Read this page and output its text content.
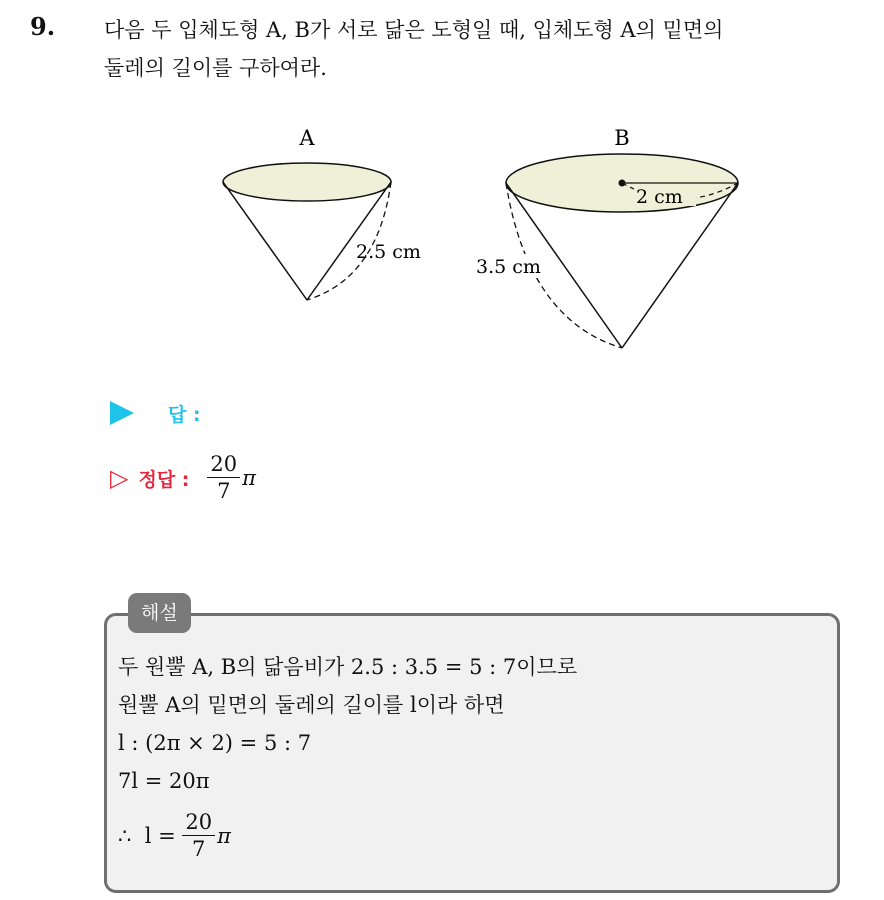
9. 다음 두 입체도형 A, B가 서로 닮은 도형일 때, 입체도형 A의 밑면의
둘레의 길이를 구하여라.

A
2.5 cm
B
2 cm
3.5 cm
답 :
▷ 정답 : $\frac{20}{7}$ π
해설
두 원뿔 A, B의 닮음비가 2.5 : 3.5 = 5 : 7이므로
원뿔 A의 밑면의 둘레의 길이를 l이라 하면
l : (2π × 2) = 5 : 7
7l = 20π
∴  $l = \frac{20}{7}$ π
